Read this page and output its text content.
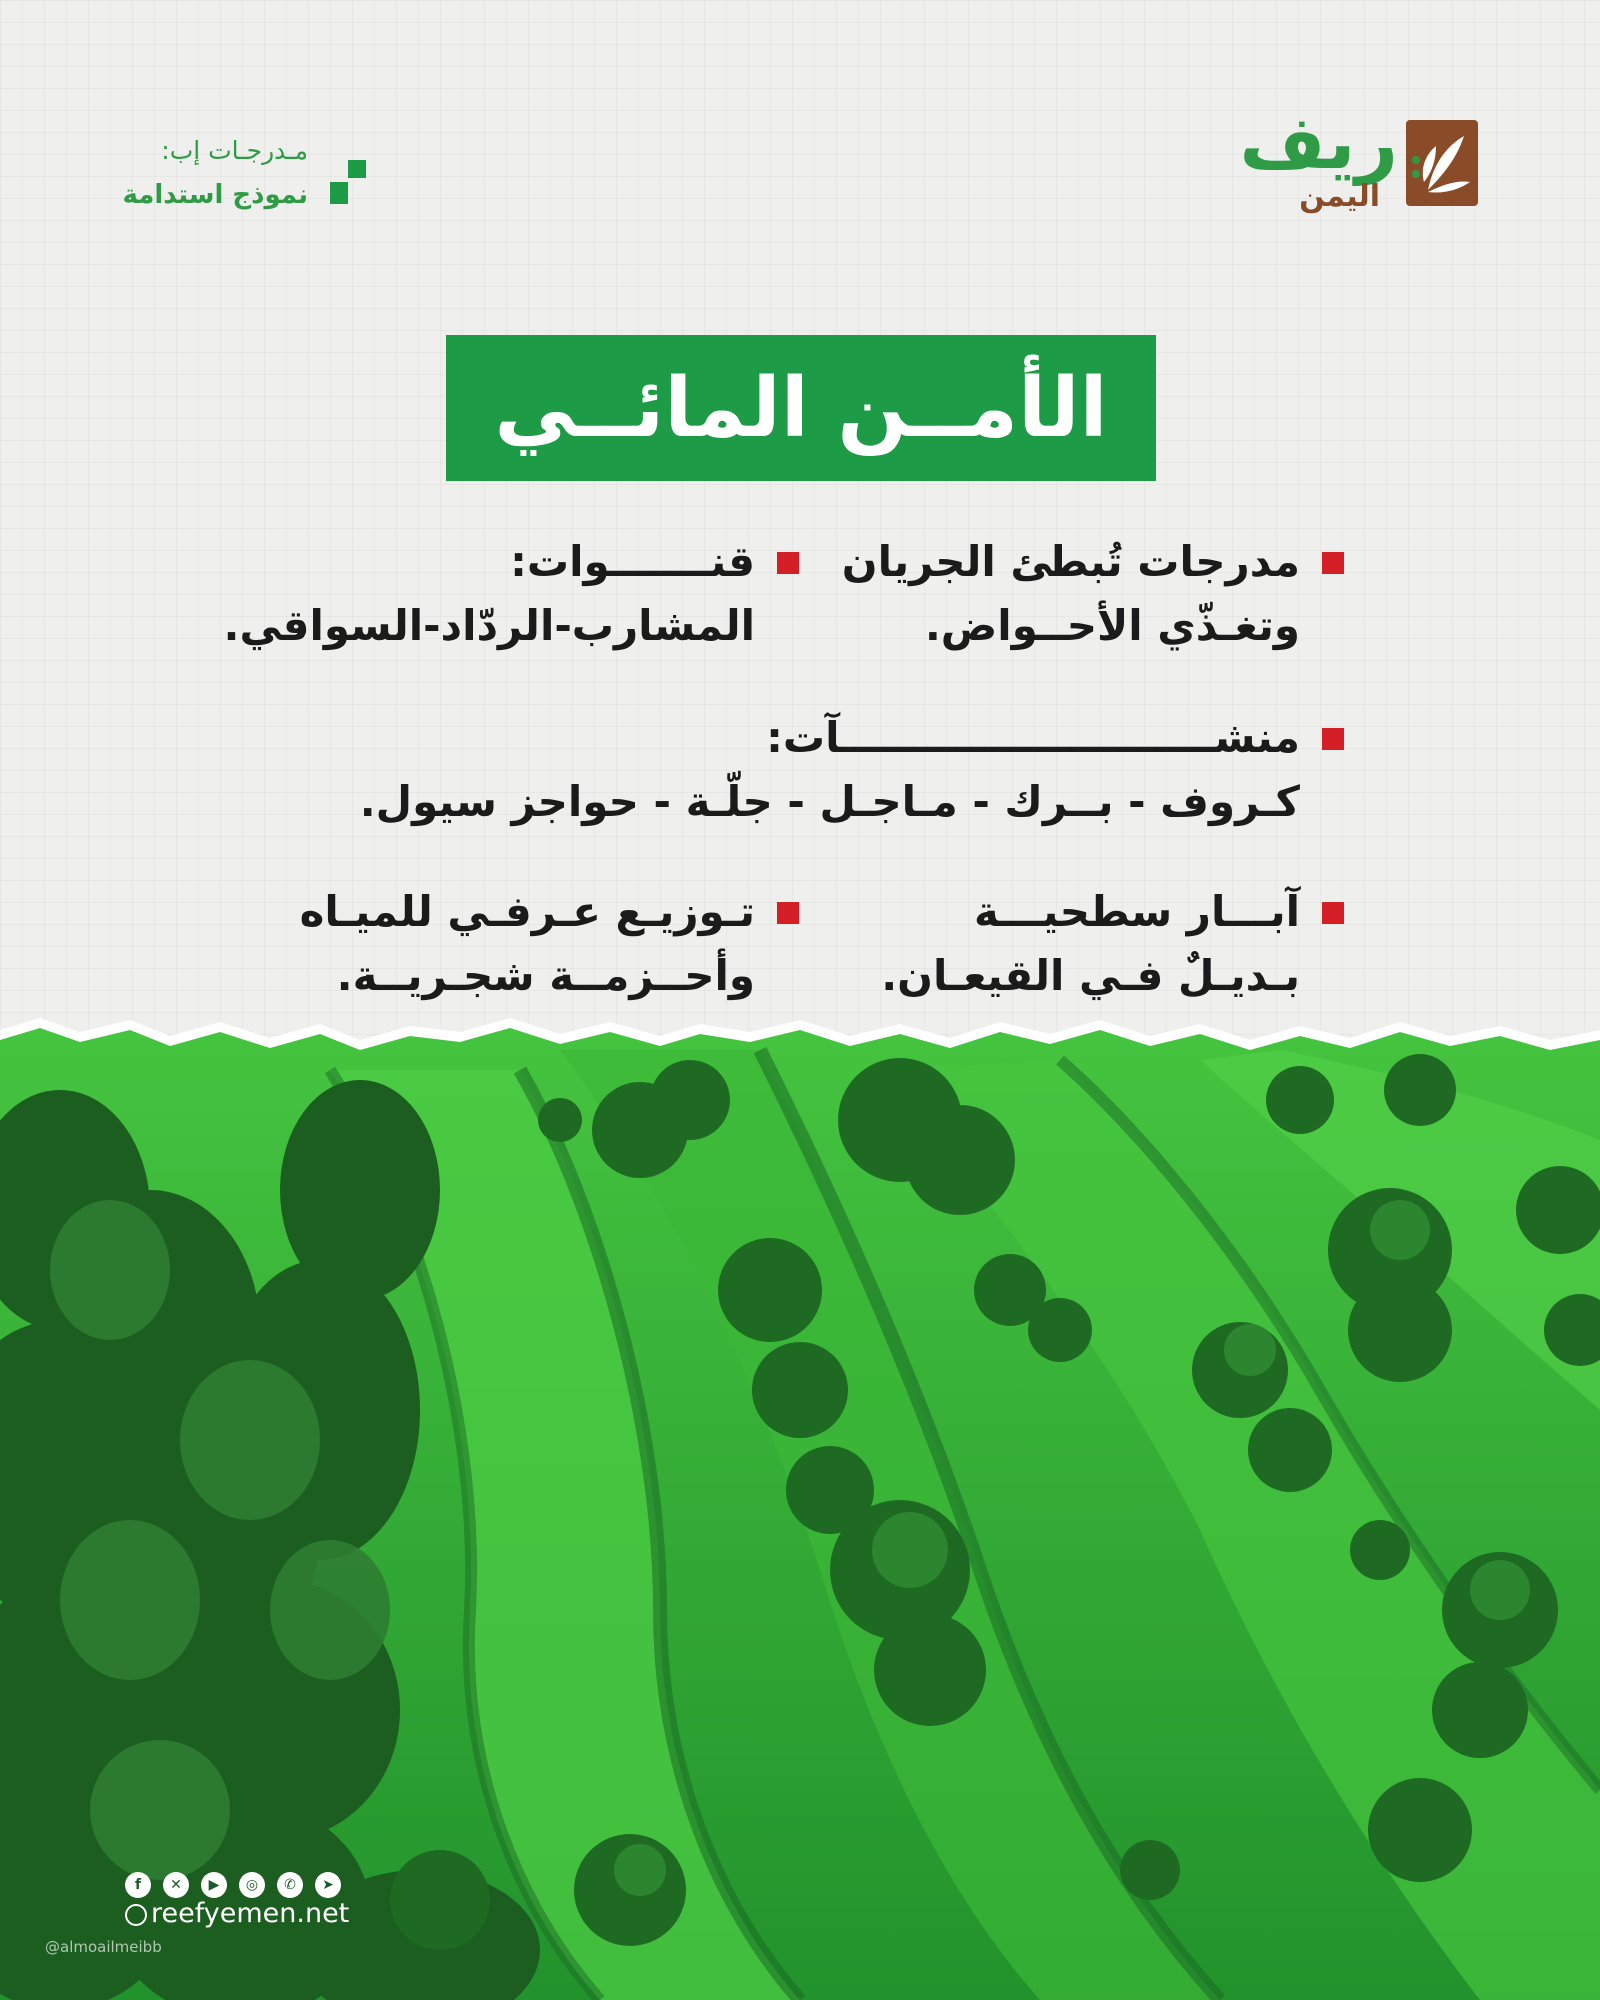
ريف
اليمن
مـدرجـات إب:
نموذج استدامة
الأمــن المائــي

مدرجات تُبطئ الجريان

وتغـذّي الأحــواض.

قنـــــــوات:

المشارب-الردّاد-السواقي.

منشــــــــــــــــــــــــــآت:

كـروف - بــرك - مـاجـل - جلّـة - حواجز سيول.

آبـــار سطحيـــة

بـديـلٌ فـي القيعـان.

تـوزيـع عـرفـي للميـاه

وأحــزمــة شجـريــة.

f	✕	▶	◎	✆	➤
reefyemen.net
@almoailmeibb
